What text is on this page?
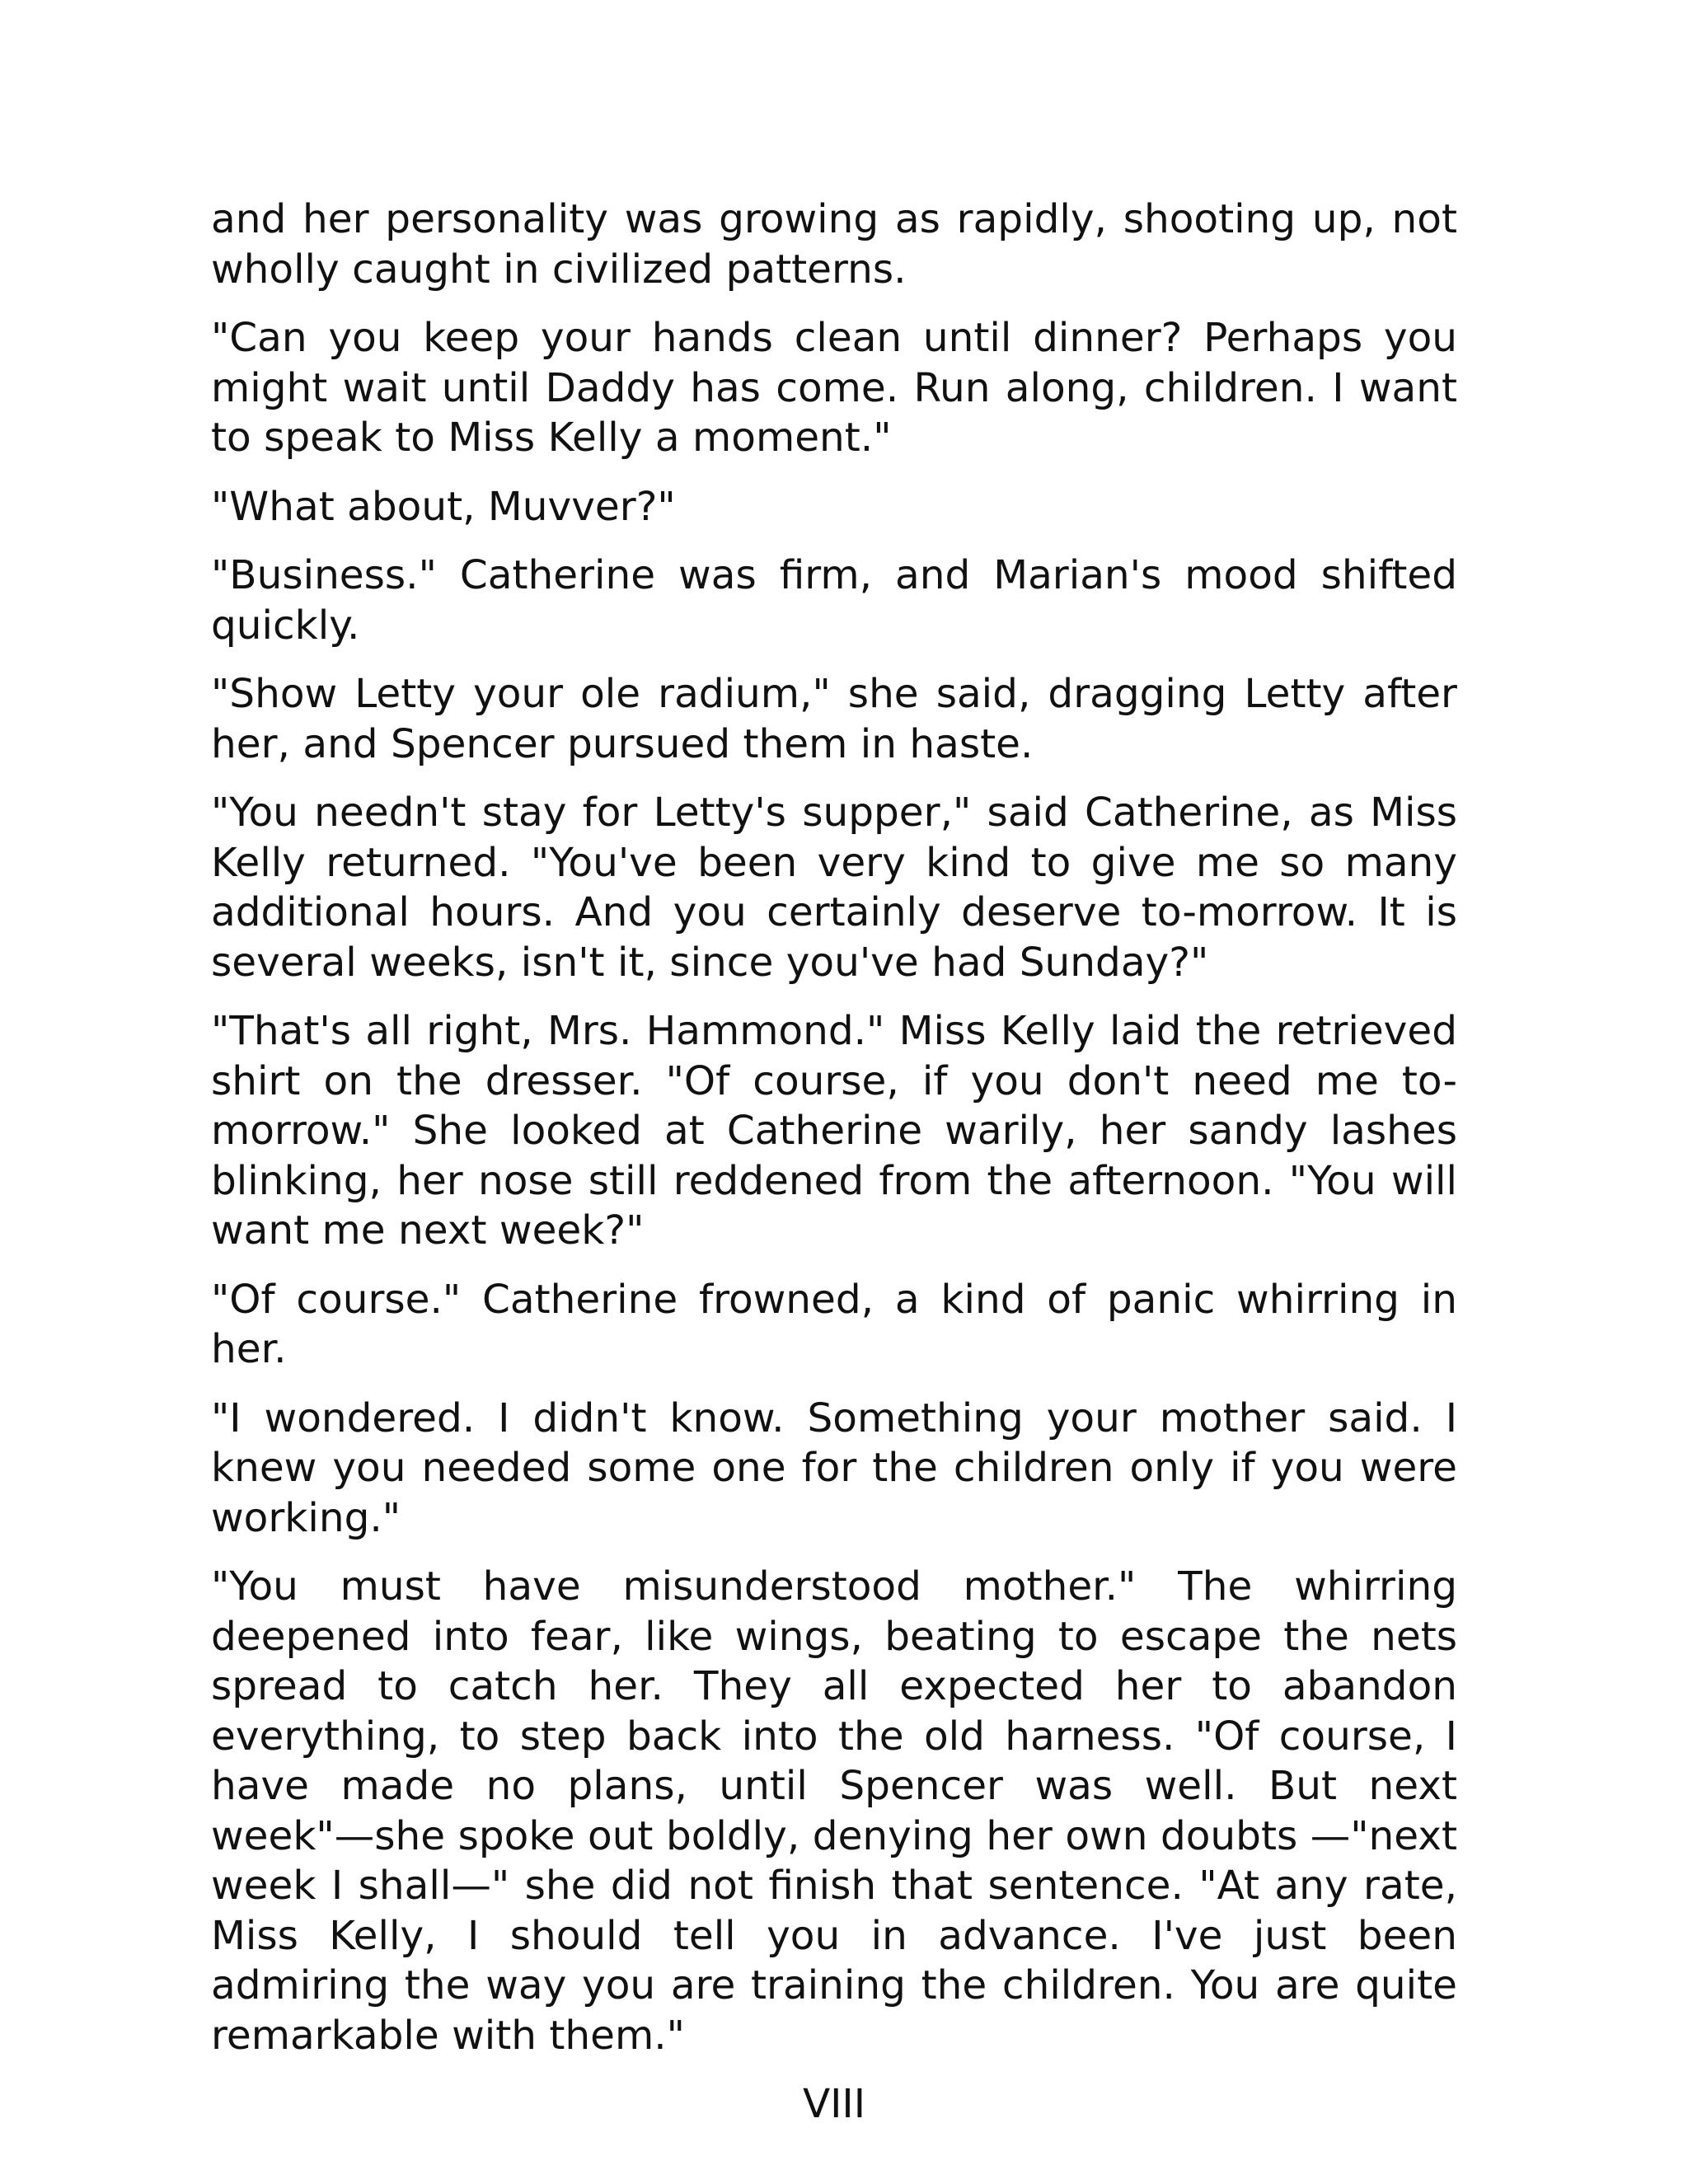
and her personality was growing as rapidly, shooting up, not wholly caught in civilized patterns.

"Can you keep your hands clean until dinner? Perhaps you might wait until Daddy has come. Run along, children. I want to speak to Miss Kelly a moment."

"What about, Muvver?"

"Business." Catherine was firm, and Marian's mood shifted quickly.

"Show Letty your ole radium," she said, dragging Letty after her, and Spencer pursued them in haste.

"You needn't stay for Letty's supper," said Catherine, as Miss Kelly returned. "You've been very kind to give me so many additional hours. And you certainly deserve to-morrow. It is several weeks, isn't it, since you've had Sunday?"

"That's all right, Mrs. Hammond." Miss Kelly laid the retrieved shirt on the dresser. "Of course, if you don't need me to-morrow." She looked at Catherine warily, her sandy lashes blinking, her nose still reddened from the afternoon. "You will want me next week?"

"Of course." Catherine frowned, a kind of panic whirring in her.

"I wondered. I didn't know. Something your mother said. I knew you needed some one for the children only if you were working."

"You must have misunderstood mother." The whirring deepened into fear, like wings, beating to escape the nets spread to catch her. They all expected her to abandon everything, to step back into the old harness. "Of course, I have made no plans, until Spencer was well. But next week"—she spoke out boldly, denying her own doubts —"next week I shall—" she did not finish that sentence. "At any rate, Miss Kelly, I should tell you in advance. I've just been admiring the way you are training the children. You are quite remarkable with them."

VIII
